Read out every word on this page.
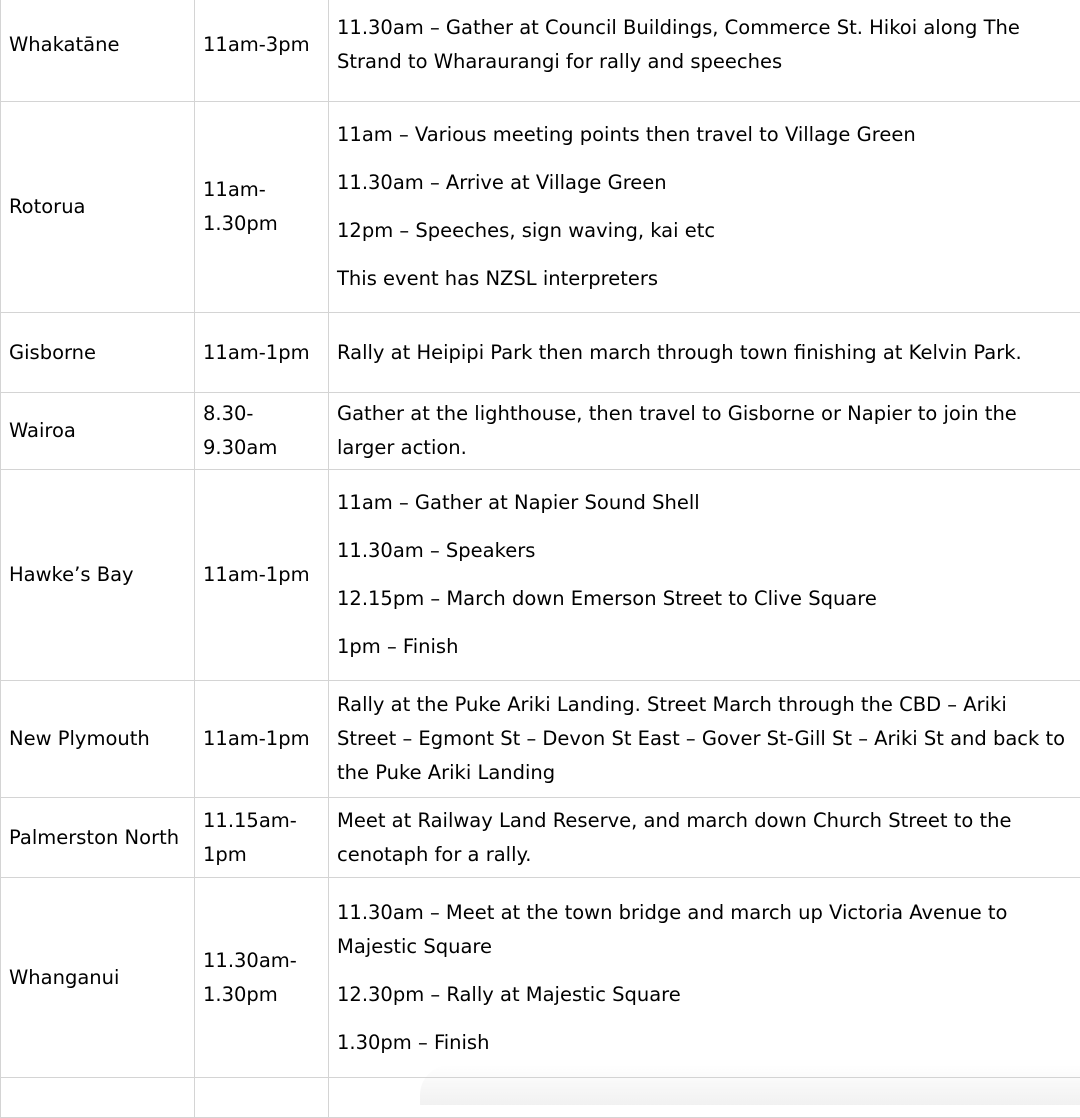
Whakatāne	11am-3pm	11.30am – Gather at Council Buildings, Commerce St. Hikoi along The Strand to Wharaurangi for rally and speeches

Rotorua	11am-1.30pm	11am – Various meeting points then travel to Village Green

11.30am – Arrive at Village Green

12pm – Speeches, sign waving, kai etc

This event has NZSL interpreters

Gisborne	11am-1pm	Rally at Heipipi Park then march through town finishing at Kelvin Park.

Wairoa	8.30-9.30am	Gather at the lighthouse, then travel to Gisborne or Napier to join the larger action.

Hawke’s Bay	11am-1pm	11am – Gather at Napier Sound Shell

11.30am – Speakers

12.15pm – March down Emerson Street to Clive Square

1pm – Finish

New Plymouth	11am-1pm	Rally at the Puke Ariki Landing. Street March through the CBD – Ariki Street – Egmont St – Devon St East – Gover St-Gill St – Ariki St and back to the Puke Ariki Landing

Palmerston North	11.15am-1pm	Meet at Railway Land Reserve, and march down Church Street to the cenotaph for a rally.

Whanganui	11.30am-1.30pm	11.30am – Meet at the town bridge and march up Victoria Avenue to Majestic Square

12.30pm – Rally at Majestic Square

1.30pm – Finish
